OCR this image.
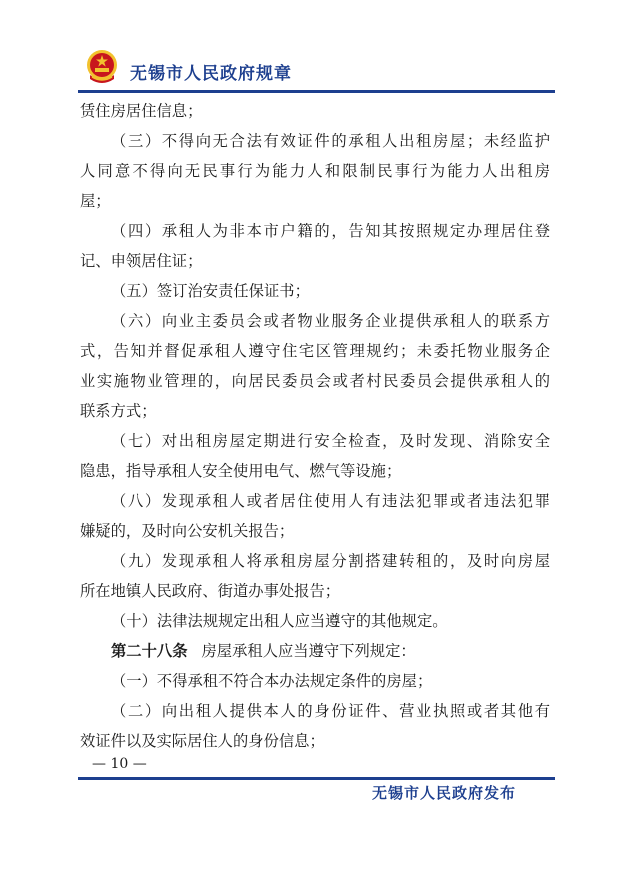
无锡市人民政府规章
赁住房居住信息；
（三）不得向无合法有效证件的承租人出租房屋；未经监护
人同意不得向无民事行为能力人和限制民事行为能力人出租房
屋；
（四）承租人为非本市户籍的，告知其按照规定办理居住登
记、申领居住证；
（五）签订治安责任保证书；
（六）向业主委员会或者物业服务企业提供承租人的联系方
式，告知并督促承租人遵守住宅区管理规约；未委托物业服务企
业实施物业管理的，向居民委员会或者村民委员会提供承租人的
联系方式；
（七）对出租房屋定期进行安全检查，及时发现、消除安全
隐患，指导承租人安全使用电气、燃气等设施；
（八）发现承租人或者居住使用人有违法犯罪或者违法犯罪
嫌疑的，及时向公安机关报告；
（九）发现承租人将承租房屋分割搭建转租的，及时向房屋
所在地镇人民政府、街道办事处报告；
（十）法律法规规定出租人应当遵守的其他规定。
第二十八条 房屋承租人应当遵守下列规定：
（一）不得承租不符合本办法规定条件的房屋；
（二）向出租人提供本人的身份证件、营业执照或者其他有
效证件以及实际居住人的身份信息；
— 10 —
无锡市人民政府发布
